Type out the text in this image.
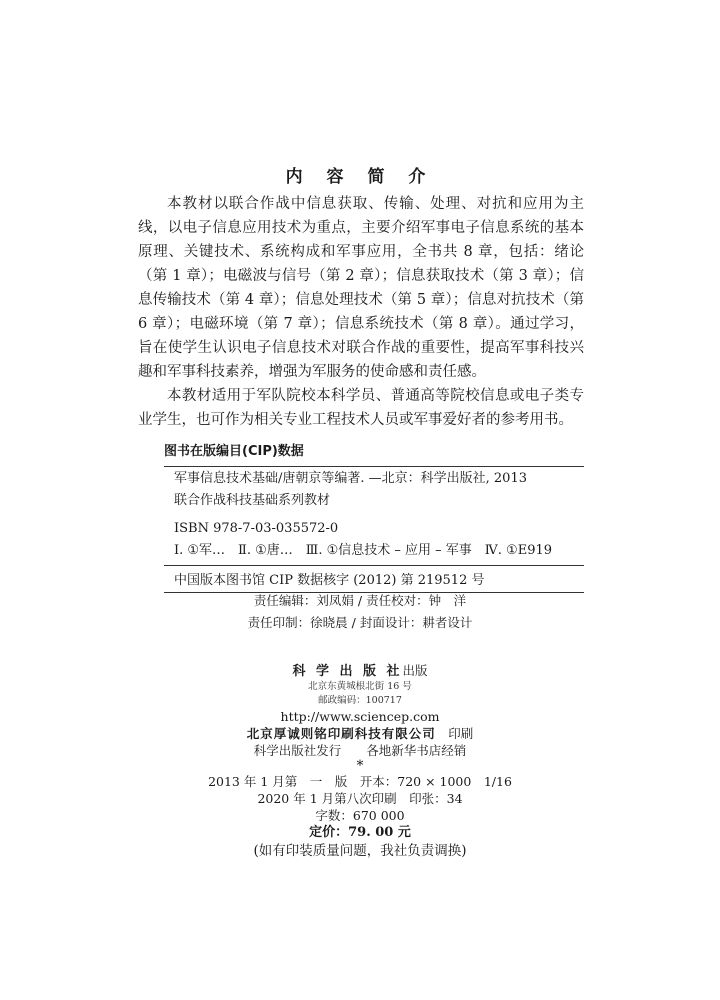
内 容 简 介

本教材以联合作战中信息获取、传输、处理、对抗和应用为主线，以电子信息应用技术为重点，主要介绍军事电子信息系统的基本原理、关键技术、系统构成和军事应用，全书共 8 章，包括：绪论（第 1 章）；电磁波与信号（第 2 章）；信息获取技术（第 3 章）；信息传输技术（第 4 章）；信息处理技术（第 5 章）；信息对抗技术（第 6 章）；电磁环境（第 7 章）；信息系统技术（第 8 章）。通过学习，旨在使学生认识电子信息技术对联合作战的重要性，提高军事科技兴趣和军事科技素养，增强为军服务的使命感和责任感。

本教材适用于军队院校本科学员、普通高等院校信息或电子类专业学生，也可作为相关专业工程技术人员或军事爱好者的参考用书。

图书在版编目(CIP)数据
军事信息技术基础/唐朝京等编著. —北京：科学出版社, 2013
联合作战科技基础系列教材
ISBN 978-7-03-035572-0
Ⅰ. ①军…　Ⅱ. ①唐…　Ⅲ. ①信息技术 – 应用 – 军事　Ⅳ. ①E919
中国版本图书馆 CIP 数据核字 (2012) 第 219512 号
责任编辑：刘凤娟 / 责任校对：钟　洋
责任印制：徐晓晨 / 封面设计：耕者设计
科 学 出 版 社出版
北京东黄城根北街 16 号
邮政编码：100717
http://www.sciencep.com
北京厚诚则铭印刷科技有限公司　 印刷
科学出版社发行　　各地新华书店经销
*
2013 年 1 月第　一　版　开本：720 × 1000　1/16
2020 年 1 月第八次印刷　印张：34
字数：670 000
定价：79. 00 元
(如有印装质量问题，我社负责调换)
